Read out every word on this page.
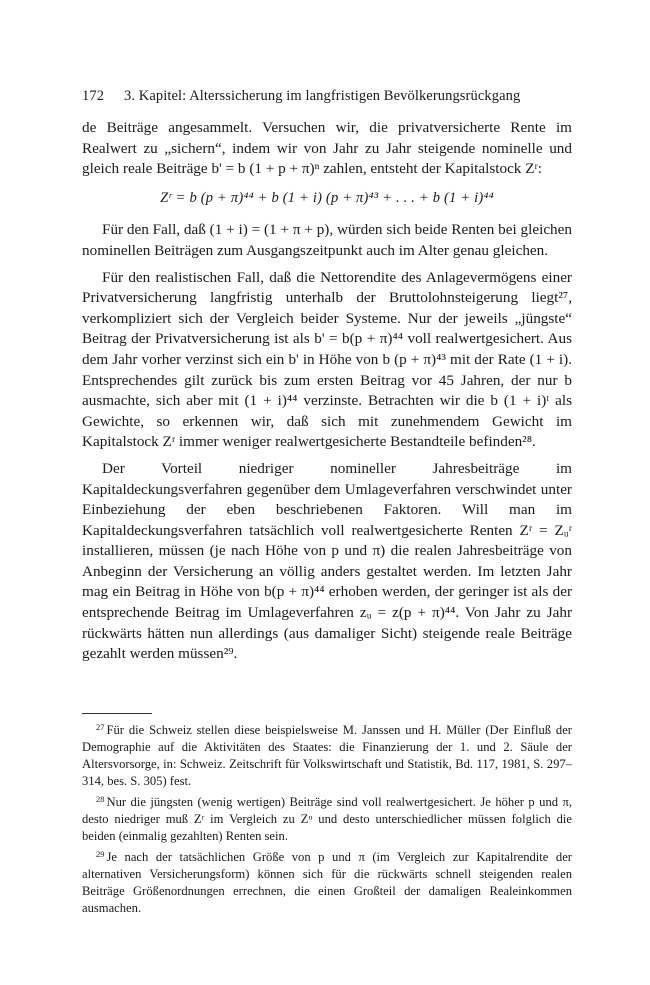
172 3. Kapitel: Alterssicherung im langfristigen Bevölkerungsrückgang

de Beiträge angesammelt. Versuchen wir, die privatversicherte Rente im Realwert zu „sichern“, indem wir von Jahr zu Jahr steigende nominelle und gleich reale Beiträge b' = b (1 + p + π)ⁿ zahlen, entsteht der Kapitalstock Zʳ:

Zʳ = b (p + π)⁴⁴ + b (1 + i) (p + π)⁴³ + . . . + b (1 + i)⁴⁴

Für den Fall, daß (1 + i) = (1 + π + p), würden sich beide Renten bei gleichen nominellen Beiträgen zum Ausgangszeitpunkt auch im Alter genau gleichen.

Für den realistischen Fall, daß die Nettorendite des Anlagevermögens einer Privatversicherung langfristig unterhalb der Bruttolohnsteigerung liegt²⁷, verkompliziert sich der Vergleich beider Systeme. Nur der jeweils „jüngste“ Beitrag der Privatversicherung ist als b' = b(p + π)⁴⁴ voll realwertgesichert. Aus dem Jahr vorher verzinst sich ein b' in Höhe von b (p + π)⁴³ mit der Rate (1 + i). Entsprechendes gilt zurück bis zum ersten Beitrag vor 45 Jahren, der nur b ausmachte, sich aber mit (1 + i)⁴⁴ verzinste. Betrachten wir die b (1 + i)ᵗ als Gewichte, so erkennen wir, daß sich mit zunehmendem Gewicht im Kapitalstock Zʳ immer weniger realwertgesicherte Bestandteile befinden²⁸.

Der Vorteil niedriger nomineller Jahresbeiträge im Kapitaldeckungsverfahren gegenüber dem Umlageverfahren verschwindet unter Einbeziehung der eben beschriebenen Faktoren. Will man im Kapitaldeckungsverfahren tatsächlich voll realwertgesicherte Renten Zʳ = Zᵤʳ installieren, müssen (je nach Höhe von p und π) die realen Jahresbeiträge von Anbeginn der Versicherung an völlig anders gestaltet werden. Im letzten Jahr mag ein Beitrag in Höhe von b(p + π)⁴⁴ erhoben werden, der geringer ist als der entsprechende Beitrag im Umlageverfahren zᵤ = z(p + π)⁴⁴. Von Jahr zu Jahr rückwärts hätten nun allerdings (aus damaliger Sicht) steigende reale Beiträge gezahlt werden müssen²⁹.

$^{27}$ Für die Schweiz stellen diese beispielsweise M. Janssen und H. Müller (Der Einfluß der Demographie auf die Aktivitäten des Staates: die Finanzierung der 1. und 2. Säule der Altersvorsorge, in: Schweiz. Zeitschrift für Volkswirtschaft und Statistik, Bd. 117, 1981, S. 297–314, bes. S. 305) fest.

$^{28}$ Nur die jüngsten (wenig wertigen) Beiträge sind voll realwertgesichert. Je höher p und π, desto niedriger muß Zʳ im Vergleich zu Zᵘ und desto unterschiedlicher müssen folglich die beiden (einmalig gezahlten) Renten sein.

$^{29}$ Je nach der tatsächlichen Größe von p und π (im Vergleich zur Kapitalrendite der alternativen Versicherungsform) können sich für die rückwärts schnell steigenden realen Beiträge Größenordnungen errechnen, die einen Großteil der damaligen Realeinkommen ausmachen.
